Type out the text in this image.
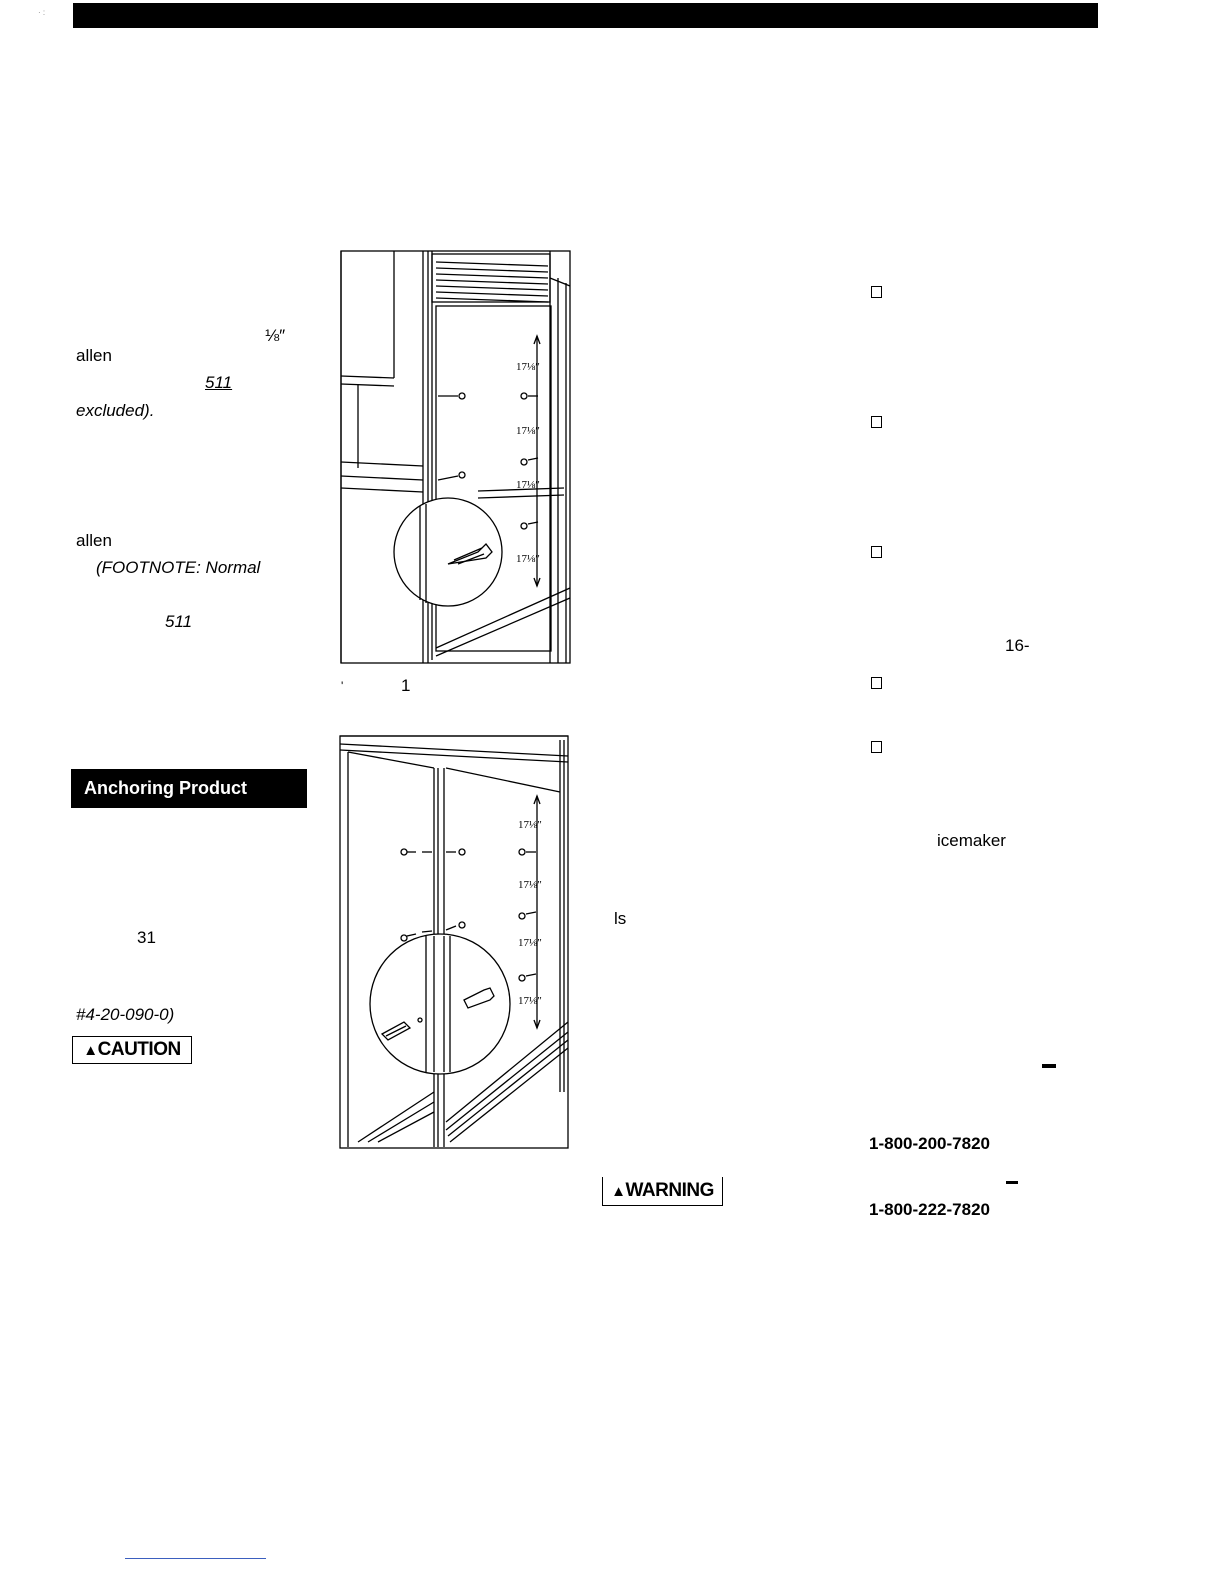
· :
⅛″
allen
511
excluded).
allen
(FOOTNOTE: Normal
511
Anchoring Product
31
#4-20-090-0)
▲CAUTION
17⅛″
17⅛″
17⅛″
17⅛″
'	1
17⅛″
17⅛″
17⅛″
17⅛″
ls
▲WARNING
16-
icemaker
1-800-200-7820
1-800-222-7820
